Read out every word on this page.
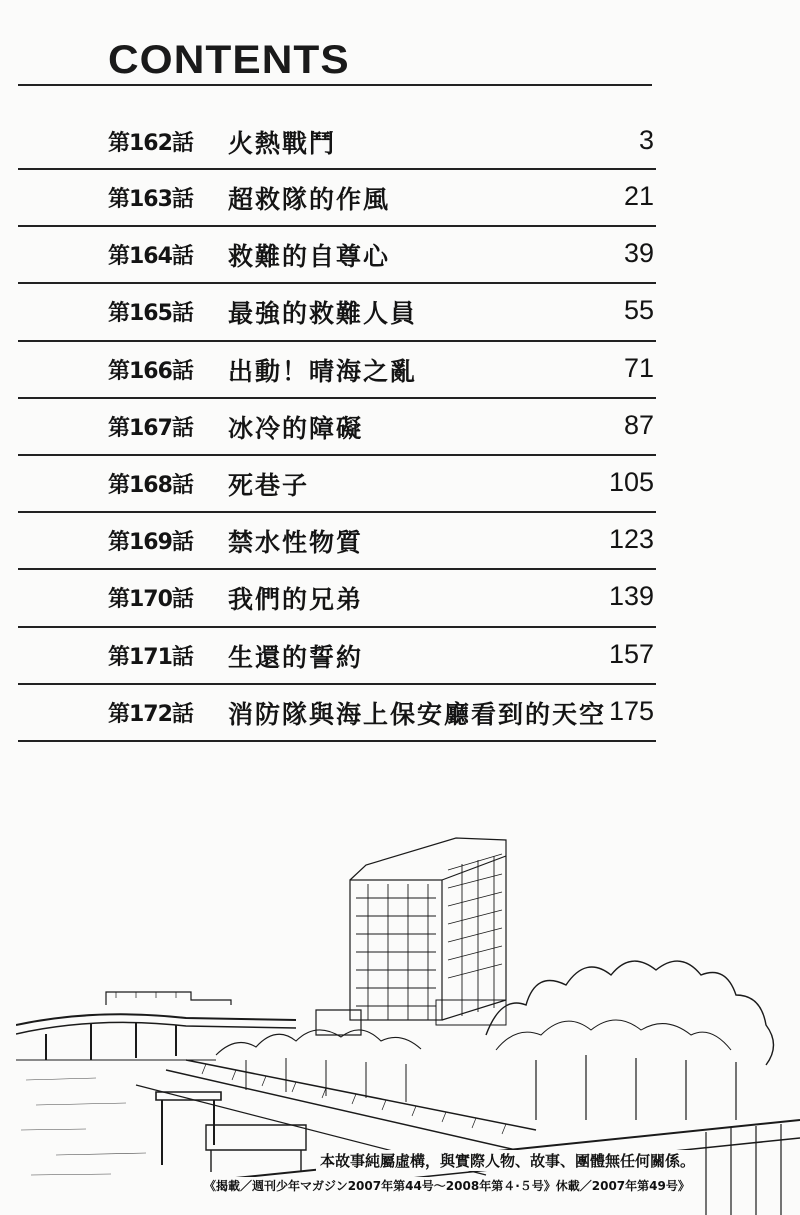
CONTENTS
第162話 火熱戰鬥	3
第163話 超救隊的作風	21
第164話 救難的自尊心	39
第165話 最強的救難人員	55
第166話 出動！晴海之亂	71
第167話 冰冷的障礙	87
第168話 死巷子	105
第169話 禁水性物質	123
第170話 我們的兄弟	139
第171話 生還的誓約	157
第172話 消防隊與海上保安廳看到的天空 175
本故事純屬虛構，與實際人物、故事、團體無任何關係。
《揭載／週刊少年マガジン2007年第44号～2008年第４·５号》休載／2007年第49号》
